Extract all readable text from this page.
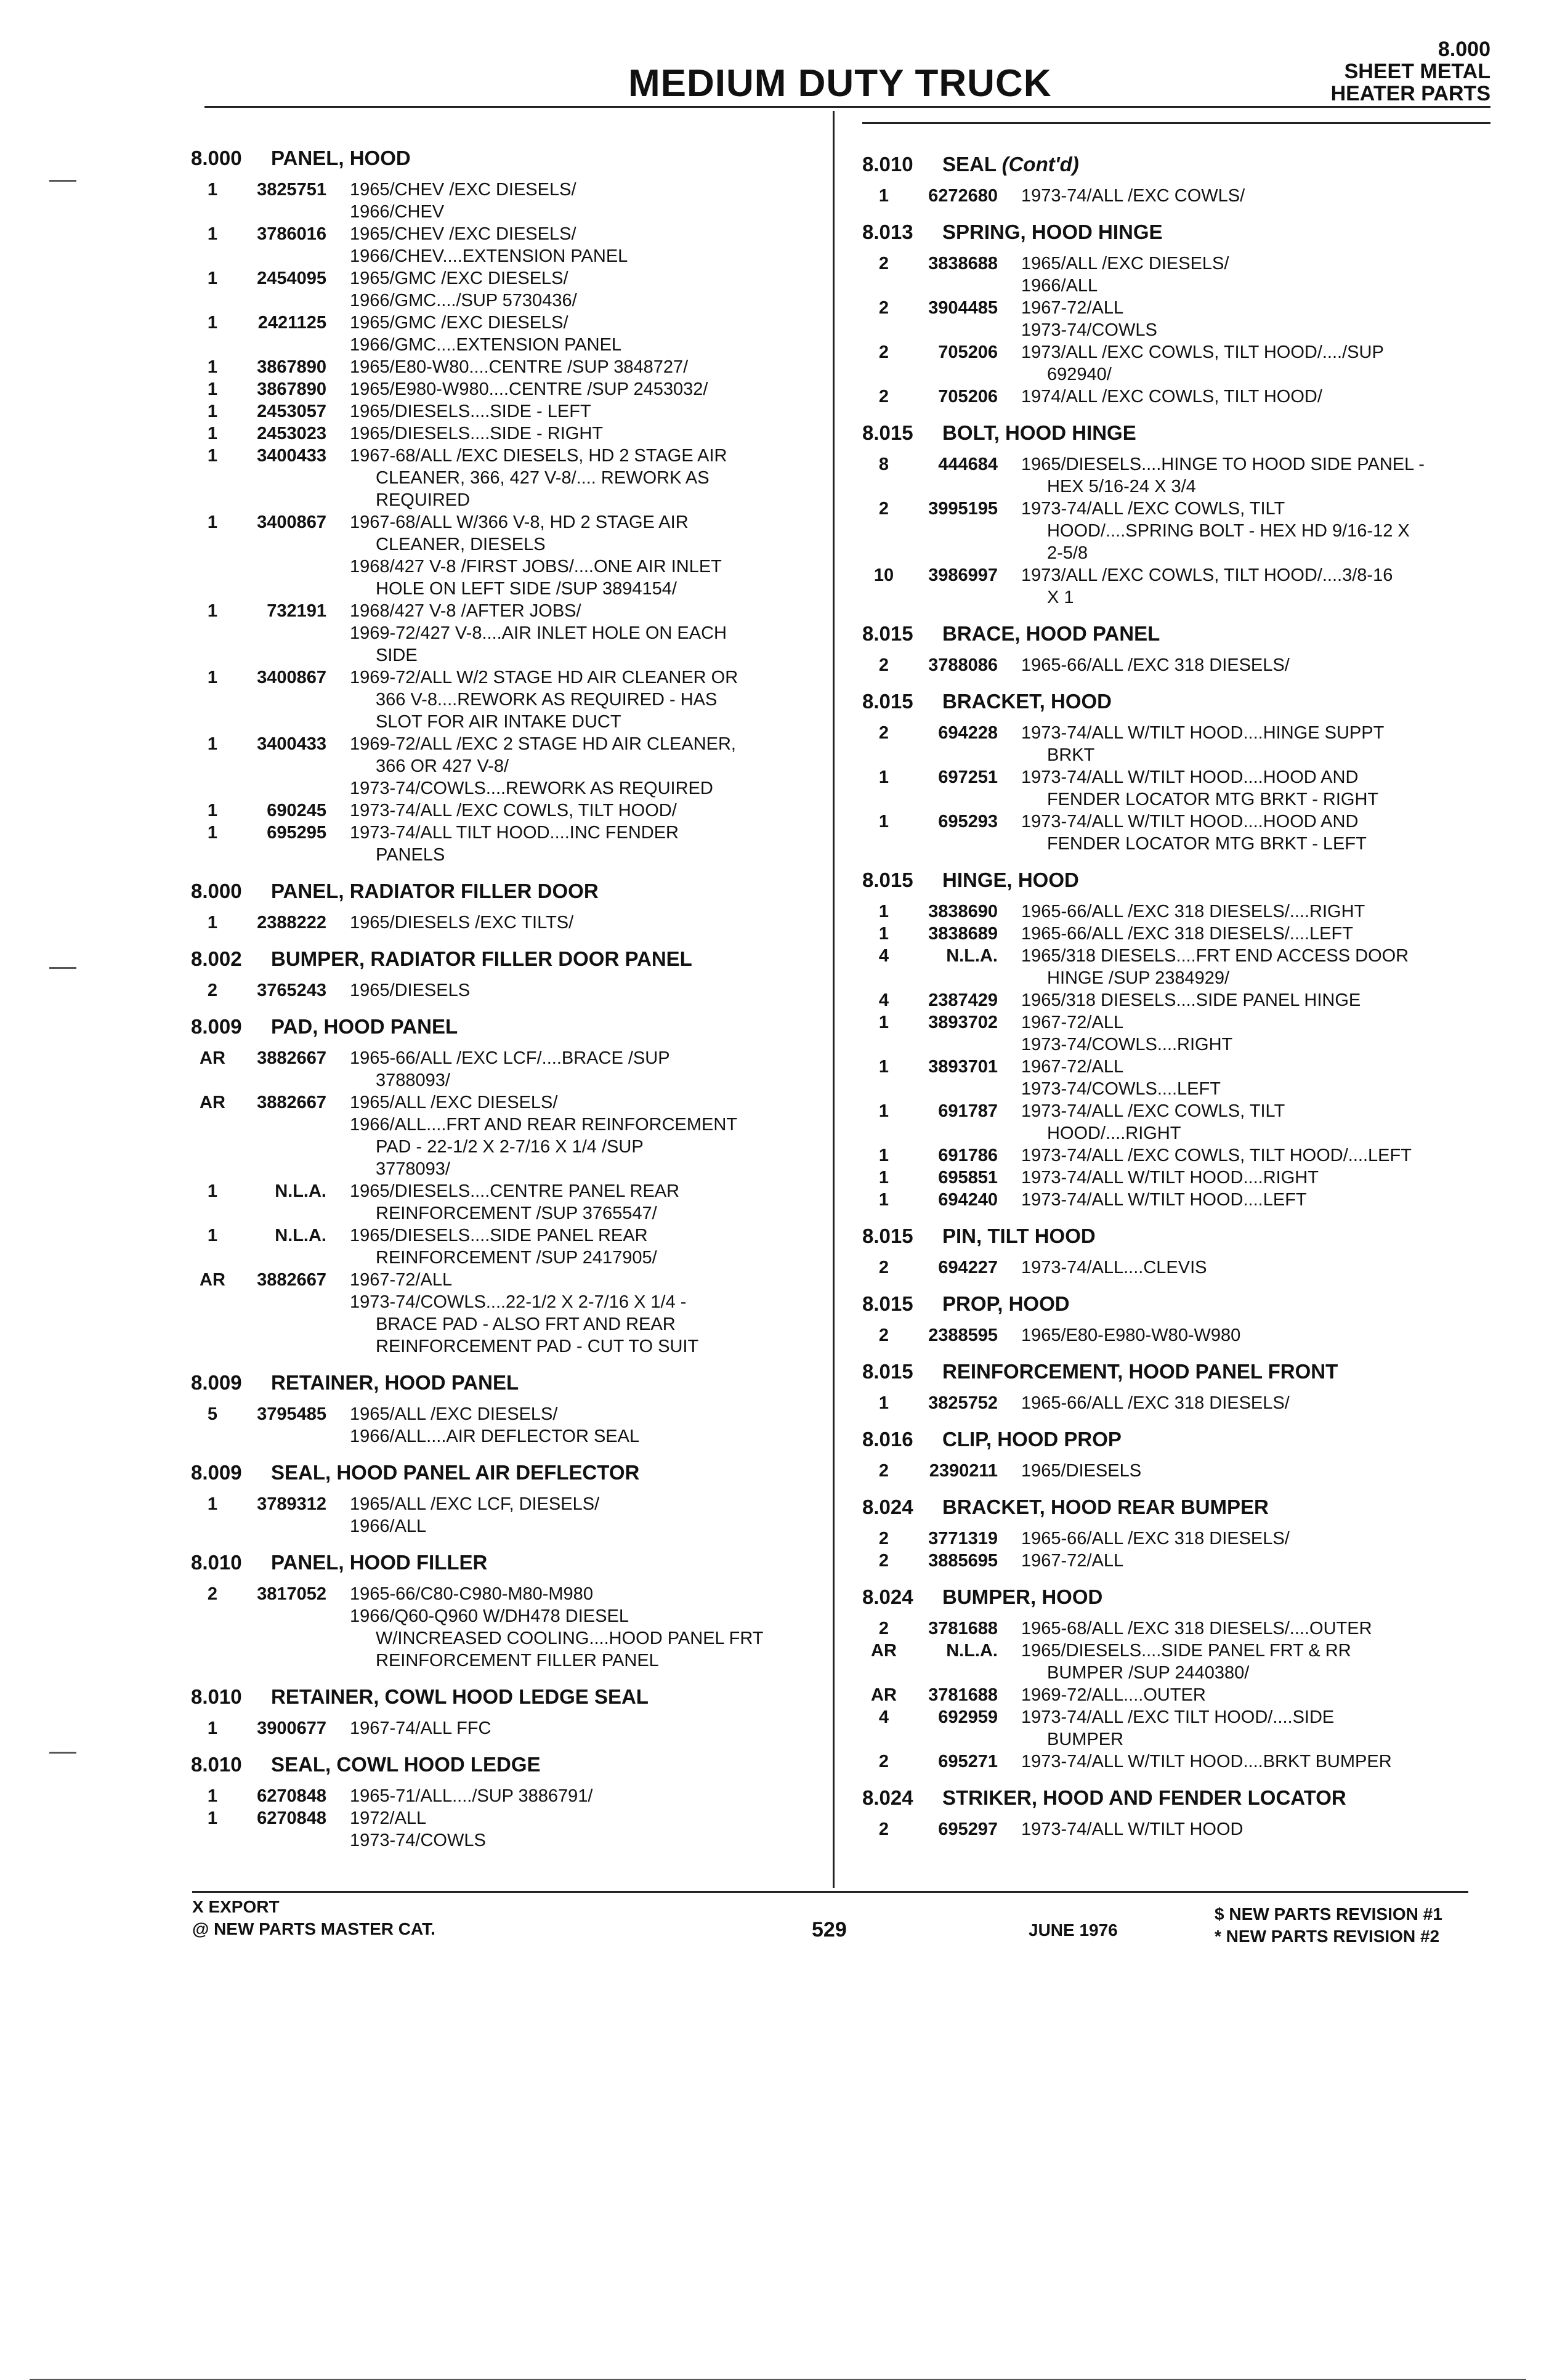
MEDIUM DUTY TRUCK
8.000
SHEET METAL
HEATER PARTS
8.000 PANEL, HOOD
1	3825751	1965/CHEV /EXC DIESELS/
1966/CHEV
1	3786016	1965/CHEV /EXC DIESELS/
1966/CHEV....EXTENSION PANEL
1	2454095	1965/GMC /EXC DIESELS/
1966/GMC..../SUP 5730436/
1	2421125	1965/GMC /EXC DIESELS/
1966/GMC....EXTENSION PANEL
1	3867890	1965/E80-W80....CENTRE /SUP 3848727/
1	3867890	1965/E980-W980....CENTRE /SUP 2453032/
1	2453057	1965/DIESELS....SIDE - LEFT
1	2453023	1965/DIESELS....SIDE - RIGHT
1	3400433	1967-68/ALL /EXC DIESELS, HD 2 STAGE AIR
CLEANER, 366, 427 V-8/.... REWORK AS
REQUIRED
1	3400867	1967-68/ALL W/366 V-8, HD 2 STAGE AIR
CLEANER, DIESELS
1968/427 V-8 /FIRST JOBS/....ONE AIR INLET
HOLE ON LEFT SIDE /SUP 3894154/
1	732191	1968/427 V-8 /AFTER JOBS/
1969-72/427 V-8....AIR INLET HOLE ON EACH
SIDE
1	3400867	1969-72/ALL W/2 STAGE HD AIR CLEANER OR
366 V-8....REWORK AS REQUIRED - HAS
SLOT FOR AIR INTAKE DUCT
1	3400433	1969-72/ALL /EXC 2 STAGE HD AIR CLEANER,
366 OR 427 V-8/
1973-74/COWLS....REWORK AS REQUIRED
1	690245	1973-74/ALL /EXC COWLS, TILT HOOD/
1	695295	1973-74/ALL TILT HOOD....INC FENDER
PANELS
8.000 PANEL, RADIATOR FILLER DOOR
1	2388222	1965/DIESELS /EXC TILTS/
8.002 BUMPER, RADIATOR FILLER DOOR PANEL
2	3765243	1965/DIESELS
8.009 PAD, HOOD PANEL
AR	3882667	1965-66/ALL /EXC LCF/....BRACE /SUP
3788093/
AR	3882667	1965/ALL /EXC DIESELS/
1966/ALL....FRT AND REAR REINFORCEMENT
PAD - 22-1/2 X 2-7/16 X 1/4 /SUP
3778093/
1	N.L.A.	1965/DIESELS....CENTRE PANEL REAR
REINFORCEMENT /SUP 3765547/
1	N.L.A.	1965/DIESELS....SIDE PANEL REAR
REINFORCEMENT /SUP 2417905/
AR	3882667	1967-72/ALL
1973-74/COWLS....22-1/2 X 2-7/16 X 1/4 -
BRACE PAD - ALSO FRT AND REAR
REINFORCEMENT PAD - CUT TO SUIT
8.009 RETAINER, HOOD PANEL
5	3795485	1965/ALL /EXC DIESELS/
1966/ALL....AIR DEFLECTOR SEAL
8.009 SEAL, HOOD PANEL AIR DEFLECTOR
1	3789312	1965/ALL /EXC LCF, DIESELS/
1966/ALL
8.010 PANEL, HOOD FILLER
2	3817052	1965-66/C80-C980-M80-M980
1966/Q60-Q960 W/DH478 DIESEL
W/INCREASED COOLING....HOOD PANEL FRT
REINFORCEMENT FILLER PANEL
8.010 RETAINER, COWL HOOD LEDGE SEAL
1	3900677	1967-74/ALL FFC
8.010 SEAL, COWL HOOD LEDGE
1	6270848	1965-71/ALL..../SUP 3886791/
1	6270848	1972/ALL
1973-74/COWLS
8.010 SEAL (Cont'd)
1	6272680	1973-74/ALL /EXC COWLS/
8.013 SPRING, HOOD HINGE
2	3838688	1965/ALL /EXC DIESELS/
1966/ALL
2	3904485	1967-72/ALL
1973-74/COWLS
2	705206	1973/ALL /EXC COWLS, TILT HOOD/..../SUP
692940/
2	705206	1974/ALL /EXC COWLS, TILT HOOD/
8.015 BOLT, HOOD HINGE
8	444684	1965/DIESELS....HINGE TO HOOD SIDE PANEL -
HEX 5/16-24 X 3/4
2	3995195	1973-74/ALL /EXC COWLS, TILT
HOOD/....SPRING BOLT - HEX HD 9/16-12 X
2-5/8
10	3986997	1973/ALL /EXC COWLS, TILT HOOD/....3/8-16
X 1
8.015 BRACE, HOOD PANEL
2	3788086	1965-66/ALL /EXC 318 DIESELS/
8.015 BRACKET, HOOD
2	694228	1973-74/ALL W/TILT HOOD....HINGE SUPPT
BRKT
1	697251	1973-74/ALL W/TILT HOOD....HOOD AND
FENDER LOCATOR MTG BRKT - RIGHT
1	695293	1973-74/ALL W/TILT HOOD....HOOD AND
FENDER LOCATOR MTG BRKT - LEFT
8.015 HINGE, HOOD
1	3838690	1965-66/ALL /EXC 318 DIESELS/....RIGHT
1	3838689	1965-66/ALL /EXC 318 DIESELS/....LEFT
4	N.L.A.	1965/318 DIESELS....FRT END ACCESS DOOR
HINGE /SUP 2384929/
4	2387429	1965/318 DIESELS....SIDE PANEL HINGE
1	3893702	1967-72/ALL
1973-74/COWLS....RIGHT
1	3893701	1967-72/ALL
1973-74/COWLS....LEFT
1	691787	1973-74/ALL /EXC COWLS, TILT
HOOD/....RIGHT
1	691786	1973-74/ALL /EXC COWLS, TILT HOOD/....LEFT
1	695851	1973-74/ALL W/TILT HOOD....RIGHT
1	694240	1973-74/ALL W/TILT HOOD....LEFT
8.015 PIN, TILT HOOD
2	694227	1973-74/ALL....CLEVIS
8.015 PROP, HOOD
2	2388595	1965/E80-E980-W80-W980
8.015 REINFORCEMENT, HOOD PANEL FRONT
1	3825752	1965-66/ALL /EXC 318 DIESELS/
8.016 CLIP, HOOD PROP
2	2390211	1965/DIESELS
8.024 BRACKET, HOOD REAR BUMPER
2	3771319	1965-66/ALL /EXC 318 DIESELS/
2	3885695	1967-72/ALL
8.024 BUMPER, HOOD
2	3781688	1965-68/ALL /EXC 318 DIESELS/....OUTER
AR	N.L.A.	1965/DIESELS....SIDE PANEL FRT & RR
BUMPER /SUP 2440380/
AR	3781688	1969-72/ALL....OUTER
4	692959	1973-74/ALL /EXC TILT HOOD/....SIDE
BUMPER
2	695271	1973-74/ALL W/TILT HOOD....BRKT BUMPER
8.024 STRIKER, HOOD AND FENDER LOCATOR
2	695297	1973-74/ALL W/TILT HOOD
X EXPORT
@ NEW PARTS MASTER CAT.	529	JUNE 1976
$ NEW PARTS REVISION #1
* NEW PARTS REVISION #2
